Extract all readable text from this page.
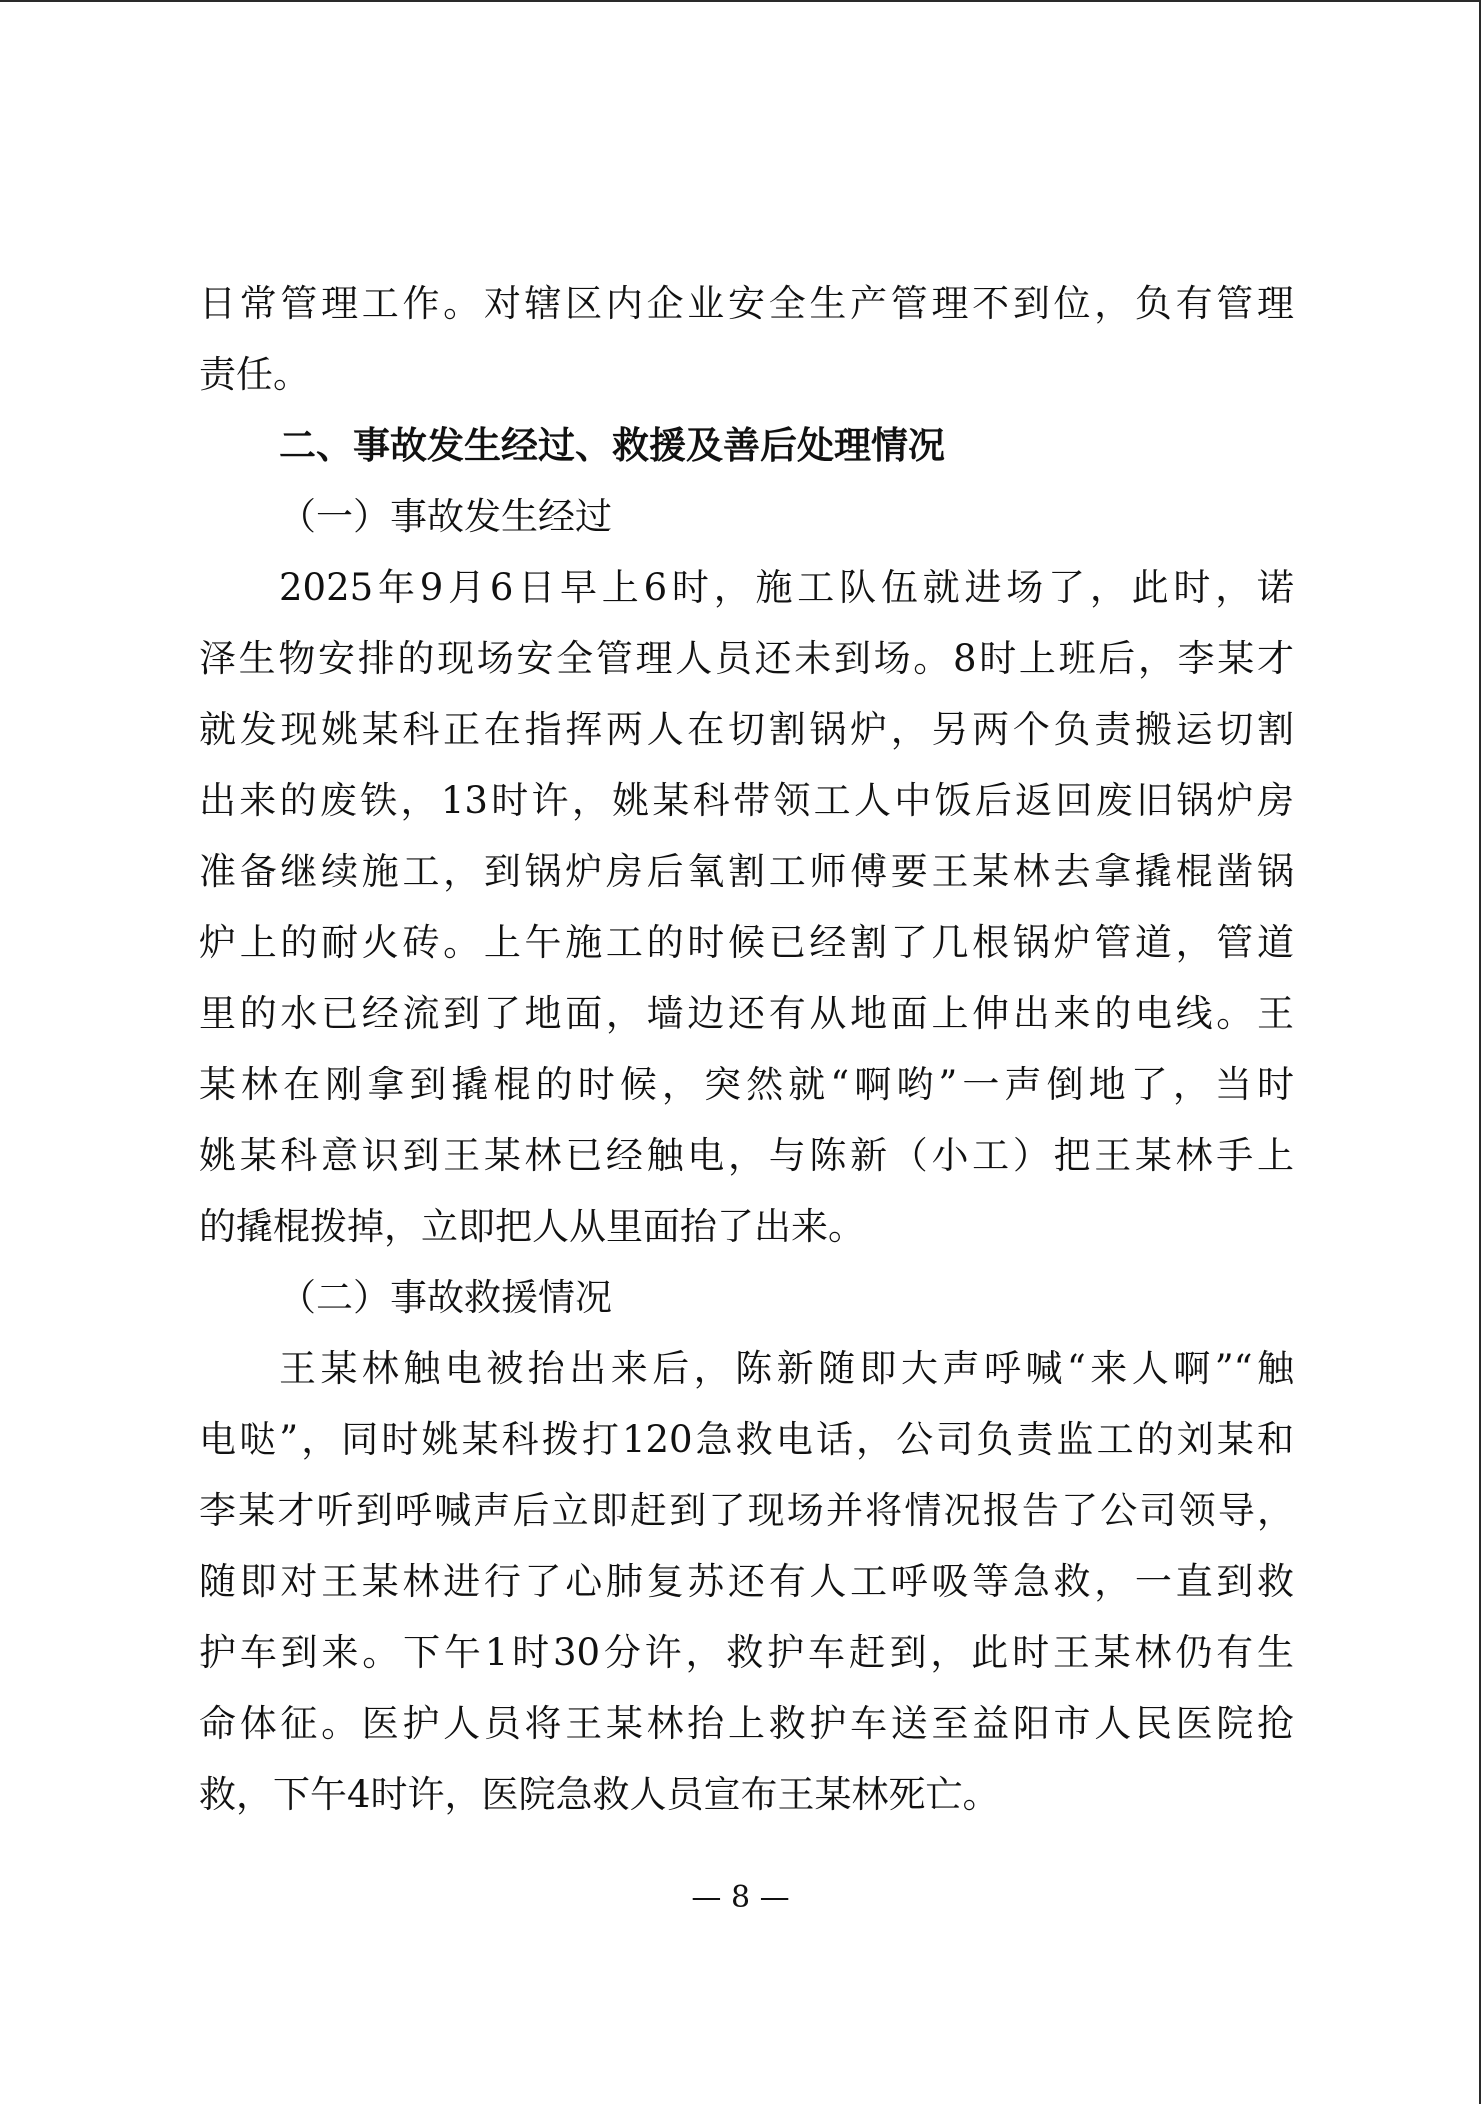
日常管理工作。对辖区内企业安全生产管理不到位，负有管理
责任。
二、事故发生经过、救援及善后处理情况
（一）事故发生经过
2025年9月6日早上6时，施工队伍就进场了，此时，诺
泽生物安排的现场安全管理人员还未到场。8时上班后，李某才
就发现姚某科正在指挥两人在切割锅炉，另两个负责搬运切割
出来的废铁，13时许，姚某科带领工人中饭后返回废旧锅炉房
准备继续施工，到锅炉房后氧割工师傅要王某林去拿撬棍凿锅
炉上的耐火砖。上午施工的时候已经割了几根锅炉管道，管道
里的水已经流到了地面，墙边还有从地面上伸出来的电线。王
某林在刚拿到撬棍的时候，突然就“啊哟”一声倒地了，当时
姚某科意识到王某林已经触电，与陈新（小工）把王某林手上
的撬棍拨掉，立即把人从里面抬了出来。
（二）事故救援情况
王某林触电被抬出来后，陈新随即大声呼喊“来人啊”“触
电哒”，同时姚某科拨打120急救电话，公司负责监工的刘某和
李某才听到呼喊声后立即赶到了现场并将情况报告了公司领导，
随即对王某林进行了心肺复苏还有人工呼吸等急救，一直到救
护车到来。下午1时30分许，救护车赶到，此时王某林仍有生
命体征。医护人员将王某林抬上救护车送至益阳市人民医院抢
救，下午4时许，医院急救人员宣布王某林死亡。
— 8 —
